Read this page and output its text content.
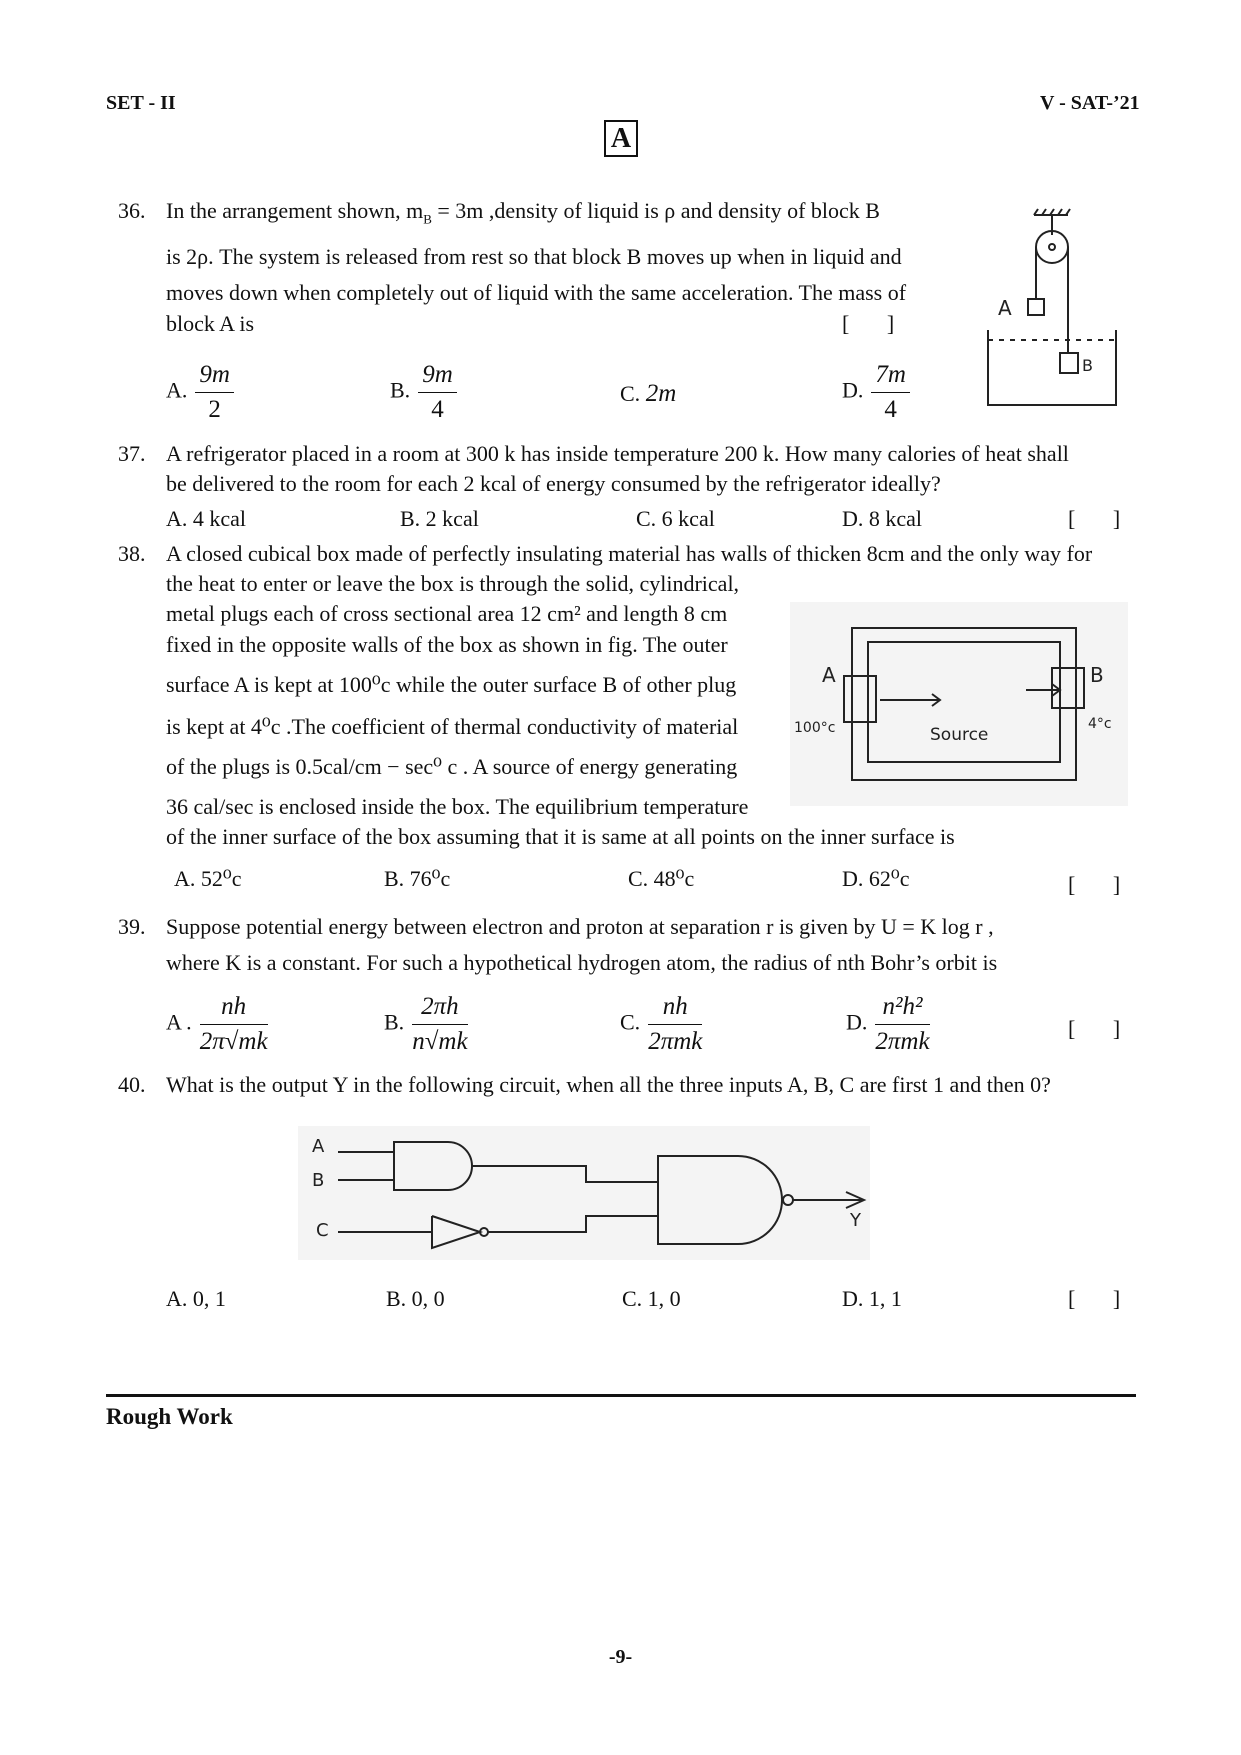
SET - II	V - SAT-’21
A
36. In the arrangement shown, $m_B = 3m$ ,density of liquid is ρ and density of block B
is 2ρ. The system is released from rest so that block B moves up when in liquid and
moves down when completely out of liquid with the same acceleration. The mass of
block A is	[ ]
A. $\frac{9m}{2}$	B. $\frac{9m}{4}$	C. 2m	D. $\frac{7m}{4}$
A
B
37. A refrigerator placed in a room at 300 k has inside temperature 200 k. How many calories of heat shall
be delivered to the room for each 2 kcal of energy consumed by the refrigerator ideally?
A. 4 kcal	B. 2 kcal	C. 6 kcal	D. 8 kcal	[ ]
38. A closed cubical box made of perfectly insulating material has walls of thicken 8cm and the only way for
the heat to enter or leave the box is through the solid, cylindrical,
metal plugs each of cross sectional area 12 cm² and length 8 cm
fixed in the opposite walls of the box as shown in fig. The outer
surface A is kept at 100⁰c while the outer surface B of other plug
is kept at 4⁰c .The coefficient of thermal conductivity of material
of the plugs is 0.5cal/cm − sec⁰ c . A source of energy generating
36 cal/sec is enclosed inside the box. The equilibrium temperature
of the inner surface of the box assuming that it is same at all points on the inner surface is
A	B
100°c	4°c
Source
A. 52⁰c	B. 76⁰c	C. 48⁰c	D. 62⁰c	[ ]
39. Suppose potential energy between electron and proton at separation r is given by U = K log r ,
where K is a constant. For such a hypothetical hydrogen atom, the radius of nth Bohr’s orbit is
A . $\frac{nh}{2\pi√mk}$	B. $\frac{2\pi h}{n√mk}$	C. $\frac{nh}{\text{2πmk}}$	D. $\frac{\text{n²h²}}{\text{2πmk}}$	[ ]
40. What is the output Y in the following circuit, when all the three inputs A, B, C are first 1 and then 0?
A
B
C	Y
A. 0, 1	B. 0, 0	C. 1, 0	D. 1, 1	[ ]
Rough Work
-9-
